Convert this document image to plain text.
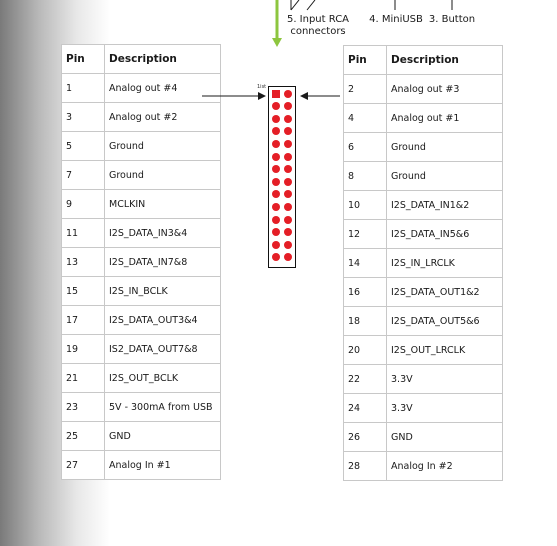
5. Input RCA
connectors
4. MiniUSB 3. Button
Pin	Description
1	Analog out #4
3	Analog out #2
5	Ground
7	Ground
9	MCLKIN
11	I2S_DATA_IN3&4
13	I2S_DATA_IN7&8
15	I2S_IN_BCLK
17	I2S_DATA_OUT3&4
19	IS2_DATA_OUT7&8
21	I2S_OUT_BCLK
23	5V - 300mA from USB
25	GND
27	Analog In #1
Pin	Description
2	Analog out #3
4	Analog out #1
6	Ground
8	Ground
10	I2S_DATA_IN1&2
12	I2S_DATA_IN5&6
14	I2S_IN_LRCLK
16	I2S_DATA_OUT1&2
18	I2S_DATA_OUT5&6
20	I2S_OUT_LRCLK
22	3.3V
24	3.3V
26	GND
28	Analog In #2
1ist
